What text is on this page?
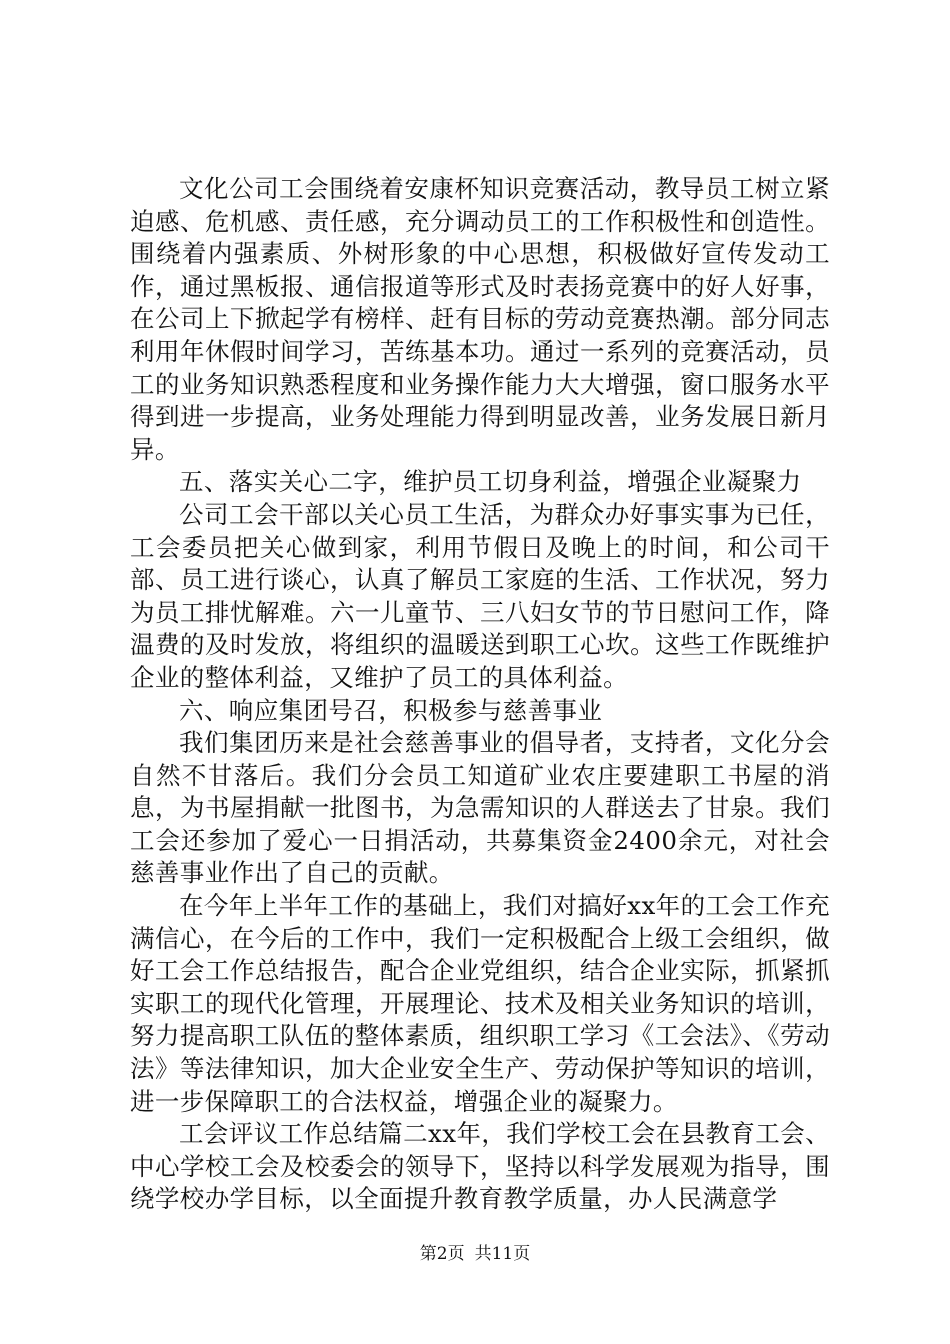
文化公司工会围绕着安康杯知识竞赛活动，教导员工树立紧迫感、危机感、责任感，充分调动员工的工作积极性和创造性。围绕着内强素质、外树形象的中心思想，积极做好宣传发动工作，通过黑板报、通信报道等形式及时表扬竞赛中的好人好事，在公司上下掀起学有榜样、赶有目标的劳动竞赛热潮。部分同志利用年休假时间学习，苦练基本功。通过一系列的竞赛活动，员工的业务知识熟悉程度和业务操作能力大大增强，窗口服务水平得到进一步提高，业务处理能力得到明显改善，业务发展日新月异。

五、落实关心二字，维护员工切身利益，增强企业凝聚力

公司工会干部以关心员工生活，为群众办好事实事为已任，工会委员把关心做到家，利用节假日及晚上的时间，和公司干部、员工进行谈心，认真了解员工家庭的生活、工作状况，努力为员工排忧解难。六一儿童节、三八妇女节的节日慰问工作，降温费的及时发放，将组织的温暖送到职工心坎。这些工作既维护企业的整体利益，又维护了员工的具体利益。

六、响应集团号召，积极参与慈善事业

我们集团历来是社会慈善事业的倡导者，支持者，文化分会自然不甘落后。我们分会员工知道矿业农庄要建职工书屋的消息，为书屋捐献一批图书，为急需知识的人群送去了甘泉。我们工会还参加了爱心一日捐活动，共募集资金2400余元，对社会慈善事业作出了自己的贡献。

在今年上半年工作的基础上，我们对搞好xx年的工会工作充满信心，在今后的工作中，我们一定积极配合上级工会组织，做好工会工作总结报告，配合企业党组织，结合企业实际，抓紧抓实职工的现代化管理，开展理论、技术及相关业务知识的培训，努力提高职工队伍的整体素质，组织职工学习《工会法》、《劳动法》等法律知识，加大企业安全生产、劳动保护等知识的培训，进一步保障职工的合法权益，增强企业的凝聚力。

工会评议工作总结篇二xx年，我们学校工会在县教育工会、中心学校工会及校委会的领导下，坚持以科学发展观为指导，围绕学校办学目标，以全面提升教育教学质量，办人民满意学

第2页 共11页
